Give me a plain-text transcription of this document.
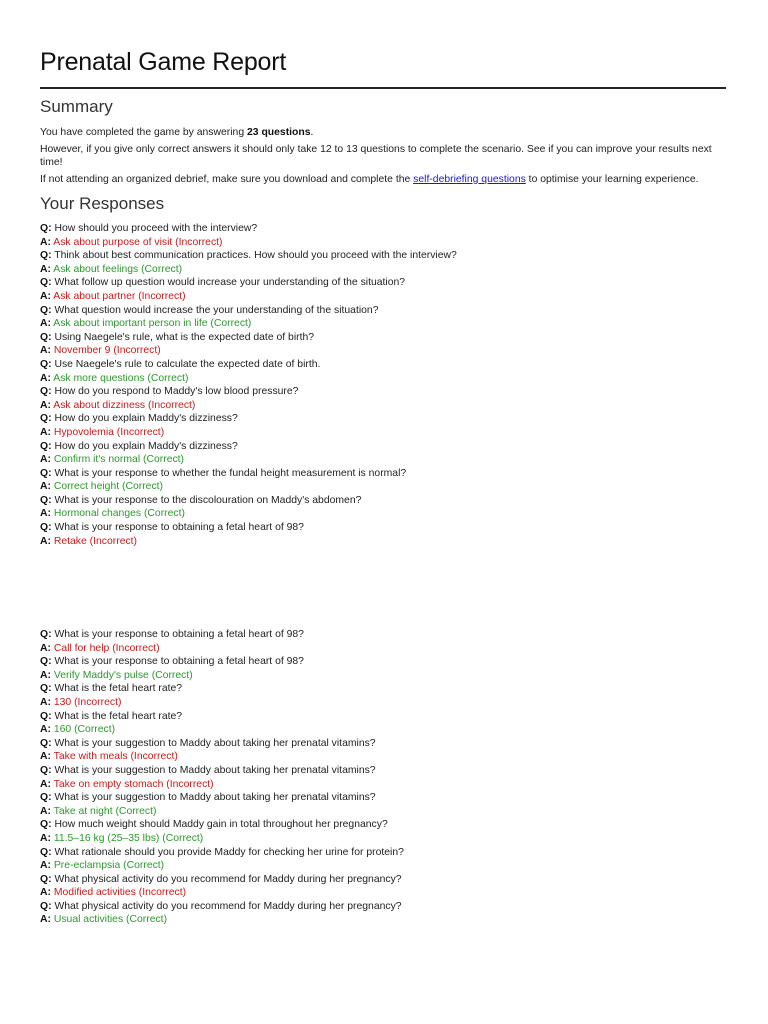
Prenatal Game Report
Summary

You have completed the game by answering 23 questions.

However, if you give only correct answers it should only take 12 to 13 questions to complete the scenario. See if you can improve your results next time!

If not attending an organized debrief, make sure you download and complete the self-debriefing questions to optimise your learning experience.

Your Responses
Q: How should you proceed with the interview?
A: Ask about purpose of visit (Incorrect)
Q: Think about best communication practices. How should you proceed with the interview?
A: Ask about feelings (Correct)
Q: What follow up question would increase your understanding of the situation?
A: Ask about partner (Incorrect)
Q: What question would increase the your understanding of the situation?
A: Ask about important person in life (Correct)
Q: Using Naegele's rule, what is the expected date of birth?
A: November 9 (Incorrect)
Q: Use Naegele's rule to calculate the expected date of birth.
A: Ask more questions (Correct)
Q: How do you respond to Maddy's low blood pressure?
A: Ask about dizziness (Incorrect)
Q: How do you explain Maddy's dizziness?
A: Hypovolemia (Incorrect)
Q: How do you explain Maddy's dizziness?
A: Confirm it's normal (Correct)
Q: What is your response to whether the fundal height measurement is normal?
A: Correct height (Correct)
Q: What is your response to the discolouration on Maddy's abdomen?
A: Hormonal changes (Correct)
Q: What is your response to obtaining a fetal heart of 98?
A: Retake (Incorrect)
Q: What is your response to obtaining a fetal heart of 98?
A: Call for help (Incorrect)
Q: What is your response to obtaining a fetal heart of 98?
A: Verify Maddy's pulse (Correct)
Q: What is the fetal heart rate?
A: 130 (Incorrect)
Q: What is the fetal heart rate?
A: 160 (Correct)
Q: What is your suggestion to Maddy about taking her prenatal vitamins?
A: Take with meals (Incorrect)
Q: What is your suggestion to Maddy about taking her prenatal vitamins?
A: Take on empty stomach (Incorrect)
Q: What is your suggestion to Maddy about taking her prenatal vitamins?
A: Take at night (Correct)
Q: How much weight should Maddy gain in total throughout her pregnancy?
A: 11.5–16 kg (25–35 lbs) (Correct)
Q: What rationale should you provide Maddy for checking her urine for protein?
A: Pre-eclampsia (Correct)
Q: What physical activity do you recommend for Maddy during her pregnancy?
A: Modified activities (Incorrect)
Q: What physical activity do you recommend for Maddy during her pregnancy?
A: Usual activities (Correct)
